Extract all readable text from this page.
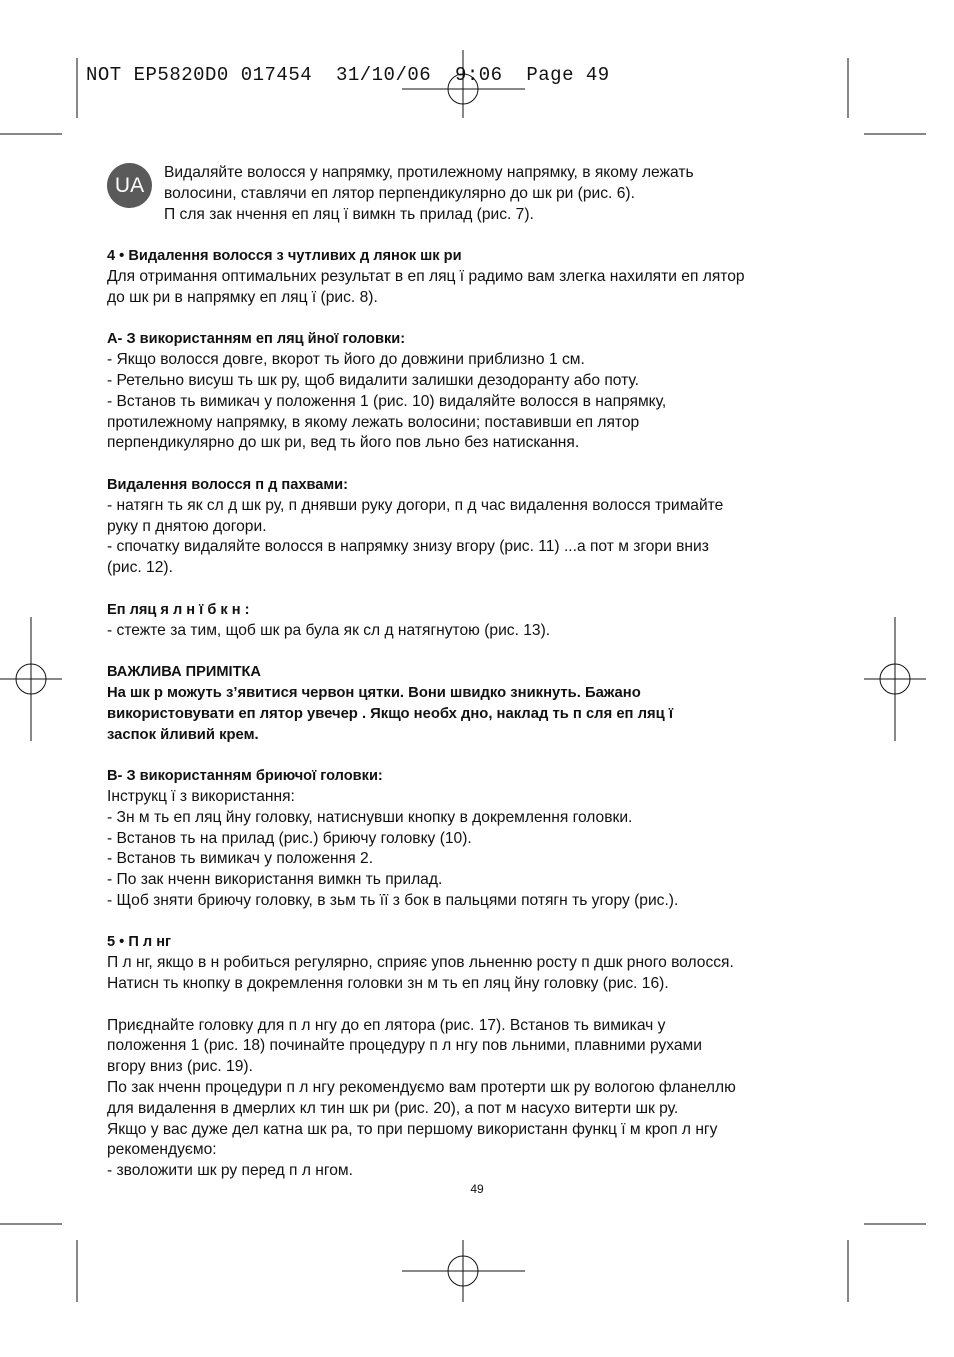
NOT EP5820D0 017454  31/10/06  9:06  Page 49
UA

Видаляйте волосся у напрямку, протилежному напрямку, в якому лежать

волосини, ставлячи еп лятор перпендикулярно до шк ри (рис. 6).

П сля зак нчення еп ляц ї вимкн ть прилад (рис. 7).

4 • Видалення волосся з чутливих д лянок шк ри

Для отримання оптимальних результат в еп ляц ї радимо вам злегка нахиляти еп лятор

до шк ри в напрямку еп ляц ї (рис. 8).

A- З використанням еп ляц йної головки:

- Якщо волосся довге, вкорот ть його до довжини приблизно 1 см.

- Ретельно висуш ть шк ру, щоб видалити залишки дезодоранту або поту.

- Встанов ть вимикач у положення 1 (рис. 10) видаляйте волосся в напрямку,

протилежному напрямку, в якому лежать волосини; поставивши еп лятор

перпендикулярно до шк ри, вед ть його пов льно без натискання.

Видалення волосся п д пахвами:

- натягн ть як сл д шк ру, п днявши руку догори, п д час видалення волосся тримайте

руку п днятою догори.

- спочатку видаляйте волосся в напрямку знизу вгору (рис. 11) ...а пот м згори вниз

(рис. 12).

Еп ляц я л н ї б к н :

- стежте за тим, щоб шк ра була як сл д натягнутою (рис. 13).

ВАЖЛИВА ПРИМІТКА

На шк р можуть з’явитися червон цятки. Вони швидко зникнуть. Бажано

використовувати еп лятор увечер . Якщо необх дно, наклад ть п сля еп ляц ї

заспок йливий крем.

B- З використанням бриючої головки:

Інструкц ї з використання:

- Зн м ть еп ляц йну головку, натиснувши кнопку в докремлення головки.

- Встанов ть на прилад (рис.) бриючу головку (10).

- Встанов ть вимикач у положення 2.

- По зак нченн використання вимкн ть прилад.

- Щоб зняти бриючу головку, в зьм ть її з бок в пальцями потягн ть угору (рис.).

5 • П л нг

П л нг, якщо в н робиться регулярно, сприяє упов льненню росту п дшк рного волосся.

Натисн ть кнопку в докремлення головки зн м ть еп ляц йну головку (рис. 16).

Приєднайте головку для п л нгу до еп лятора (рис. 17). Встанов ть вимикач у

положення 1 (рис. 18) починайте процедуру п л нгу пов льними, плавними рухами

вгору вниз (рис. 19).

По зак нченн процедури п л нгу рекомендуємо вам протерти шк ру вологою фланеллю

для видалення в дмерлих кл тин шк ри (рис. 20), а пот м насухо витерти шк ру.

Якщо у вас дуже дел катна шк ра, то при першому використанн функц ї м кроп л нгу

рекомендуємо:

- зволожити шк ру перед п л нгом.

49
